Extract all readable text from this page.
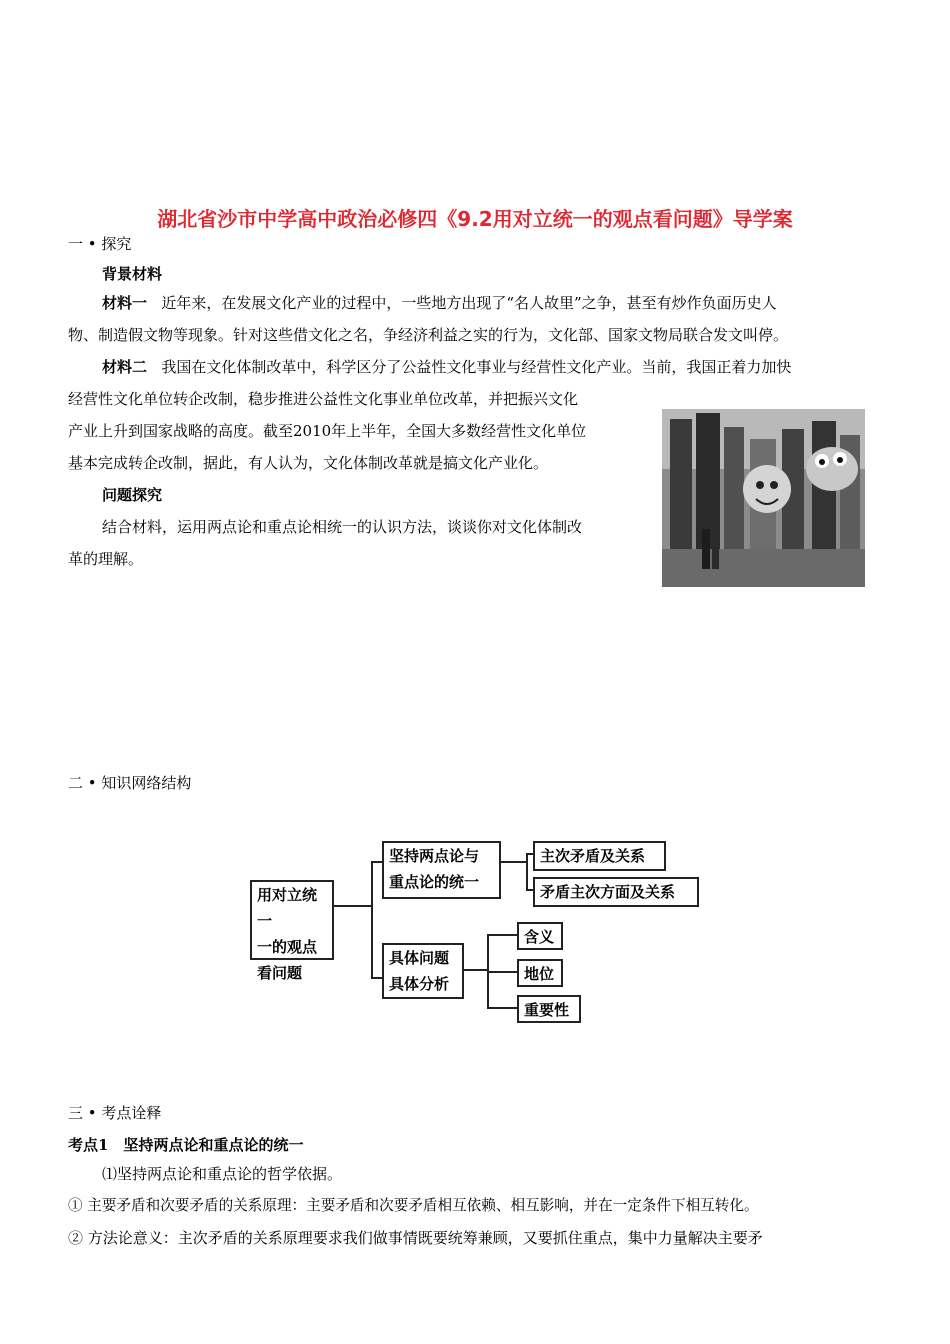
湖北省沙市中学高中政治必修四《9.2用对立统一的观点看问题》导学案
一 • 探究
背景材料
材料一 近年来，在发展文化产业的过程中，一些地方出现了“名人故里”之争，甚至有炒作负面历史人
物、制造假文物等现象。针对这些借文化之名，争经济利益之实的行为，文化部、国家文物局联合发文叫停。
材料二 我国在文化体制改革中，科学区分了公益性文化事业与经营性文化产业。当前，我国正着力加快
经营性文化单位转企改制，稳步推进公益性文化事业单位改革，并把振兴文化
产业上升到国家战略的高度。截至2010年上半年，全国大多数经营性文化单位
基本完成转企改制，据此，有人认为，文化体制改革就是搞文化产业化。
问题探究
结合材料，运用两点论和重点论相统一的认识方法，谈谈你对文化体制改
革的理解。
二 • 知识网络结构
用对立统一
一的观点
看问题
坚持两点论与
重点论的统一
主次矛盾及关系
矛盾主次方面及关系
具体问题
具体分析
含义
地位
重要性
三 • 考点诠释
考点1　坚持两点论和重点论的统一
⑴坚持两点论和重点论的哲学依据。
① 主要矛盾和次要矛盾的关系原理：主要矛盾和次要矛盾相互依赖、相互影响，并在一定条件下相互转化。
② 方法论意义：主次矛盾的关系原理要求我们做事情既要统筹兼顾，又要抓住重点，集中力量解决主要矛
